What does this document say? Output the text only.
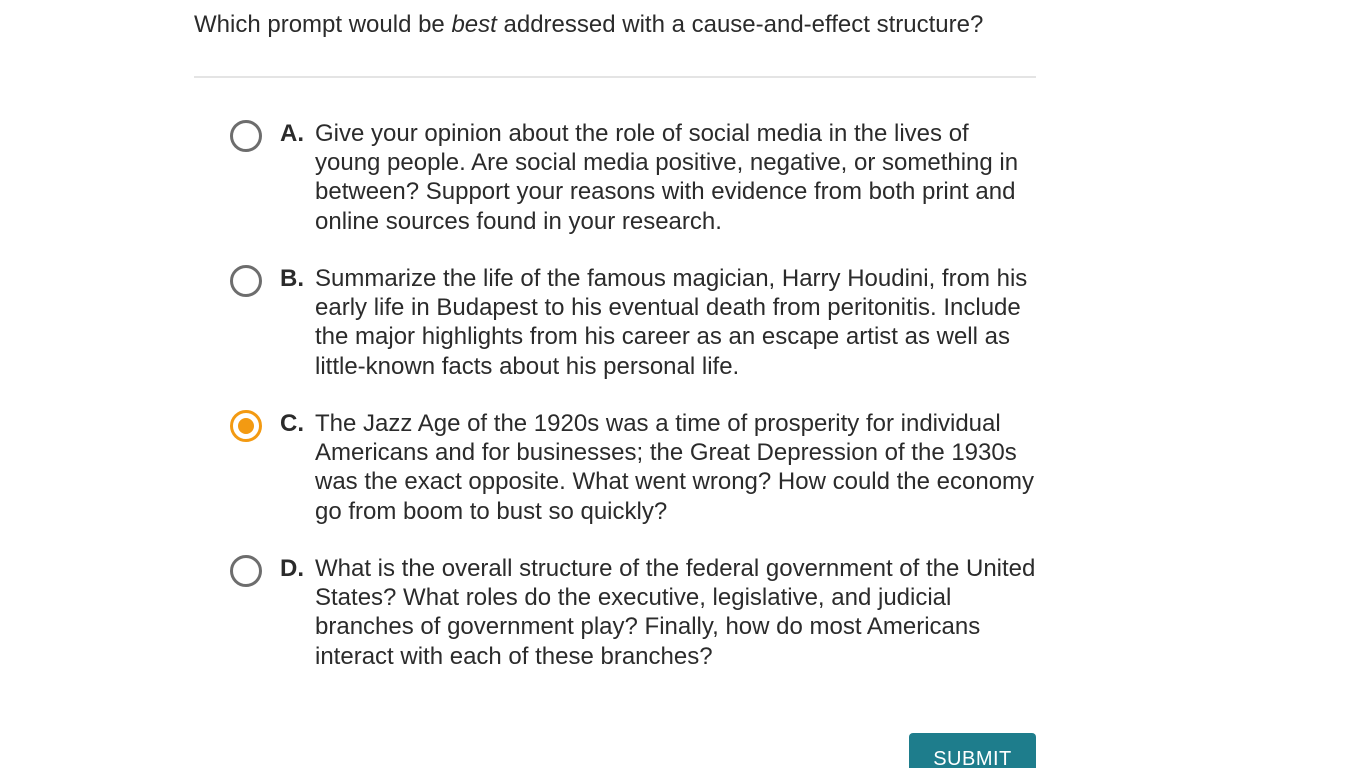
Which prompt would be best addressed with a cause-and-effect structure?
A. Give your opinion about the role of social media in the lives of young people. Are social media positive, negative, or something in between? Support your reasons with evidence from both print and online sources found in your research.
B. Summarize the life of the famous magician, Harry Houdini, from his early life in Budapest to his eventual death from peritonitis. Include the major highlights from his career as an escape artist as well as little-known facts about his personal life.
C. The Jazz Age of the 1920s was a time of prosperity for individual Americans and for businesses; the Great Depression of the 1930s was the exact opposite. What went wrong? How could the economy go from boom to bust so quickly?
D. What is the overall structure of the federal government of the United States? What roles do the executive, legislative, and judicial branches of government play? Finally, how do most Americans interact with each of these branches?
SUBMIT
